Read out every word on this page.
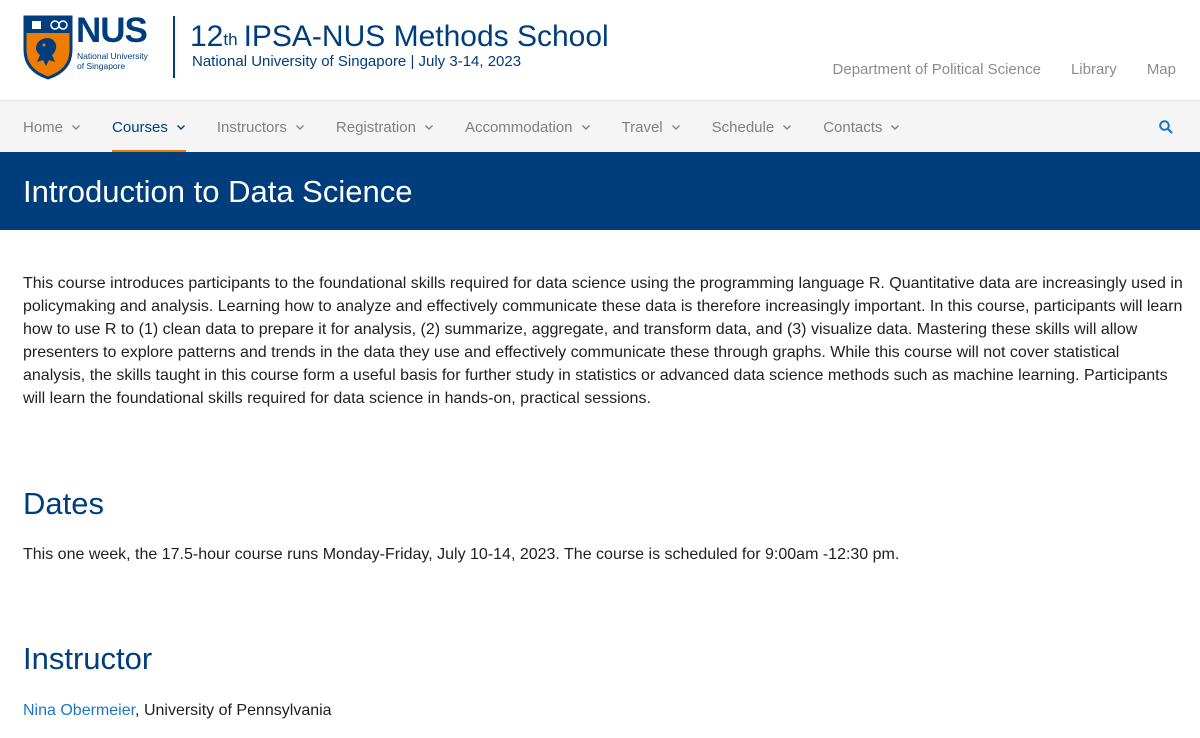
NUS
National University
of Singapore
12th IPSA-NUS Methods School
National University of Singapore | July 3-14, 2023	Department of Political Science Library Map
Home	Courses	Instructors	Registration	Accommodation	Travel	Schedule	Contacts
Introduction to Data Science

This course introduces participants to the foundational skills required for data science using the programming language R. Quantitative data are increasingly used in policymaking and analysis. Learning how to analyze and effectively communicate these data is therefore increasingly important. In this course, participants will learn how to use R to (1) clean data to prepare it for analysis, (2) summarize, aggregate, and transform data, and (3) visualize data. Mastering these skills will allow presenters to explore patterns and trends in the data they use and effectively communicate these through graphs. While this course will not cover statistical analysis, the skills taught in this course form a useful basis for further study in statistics or advanced data science methods such as machine learning. Participants will learn the foundational skills required for data science in hands-on, practical sessions.

Dates

This one week, the 17.5-hour course runs Monday-Friday, July 10-14, 2023. The course is scheduled for 9:00am -12:30 pm.

Instructor

Nina Obermeier, University of Pennsylvania
